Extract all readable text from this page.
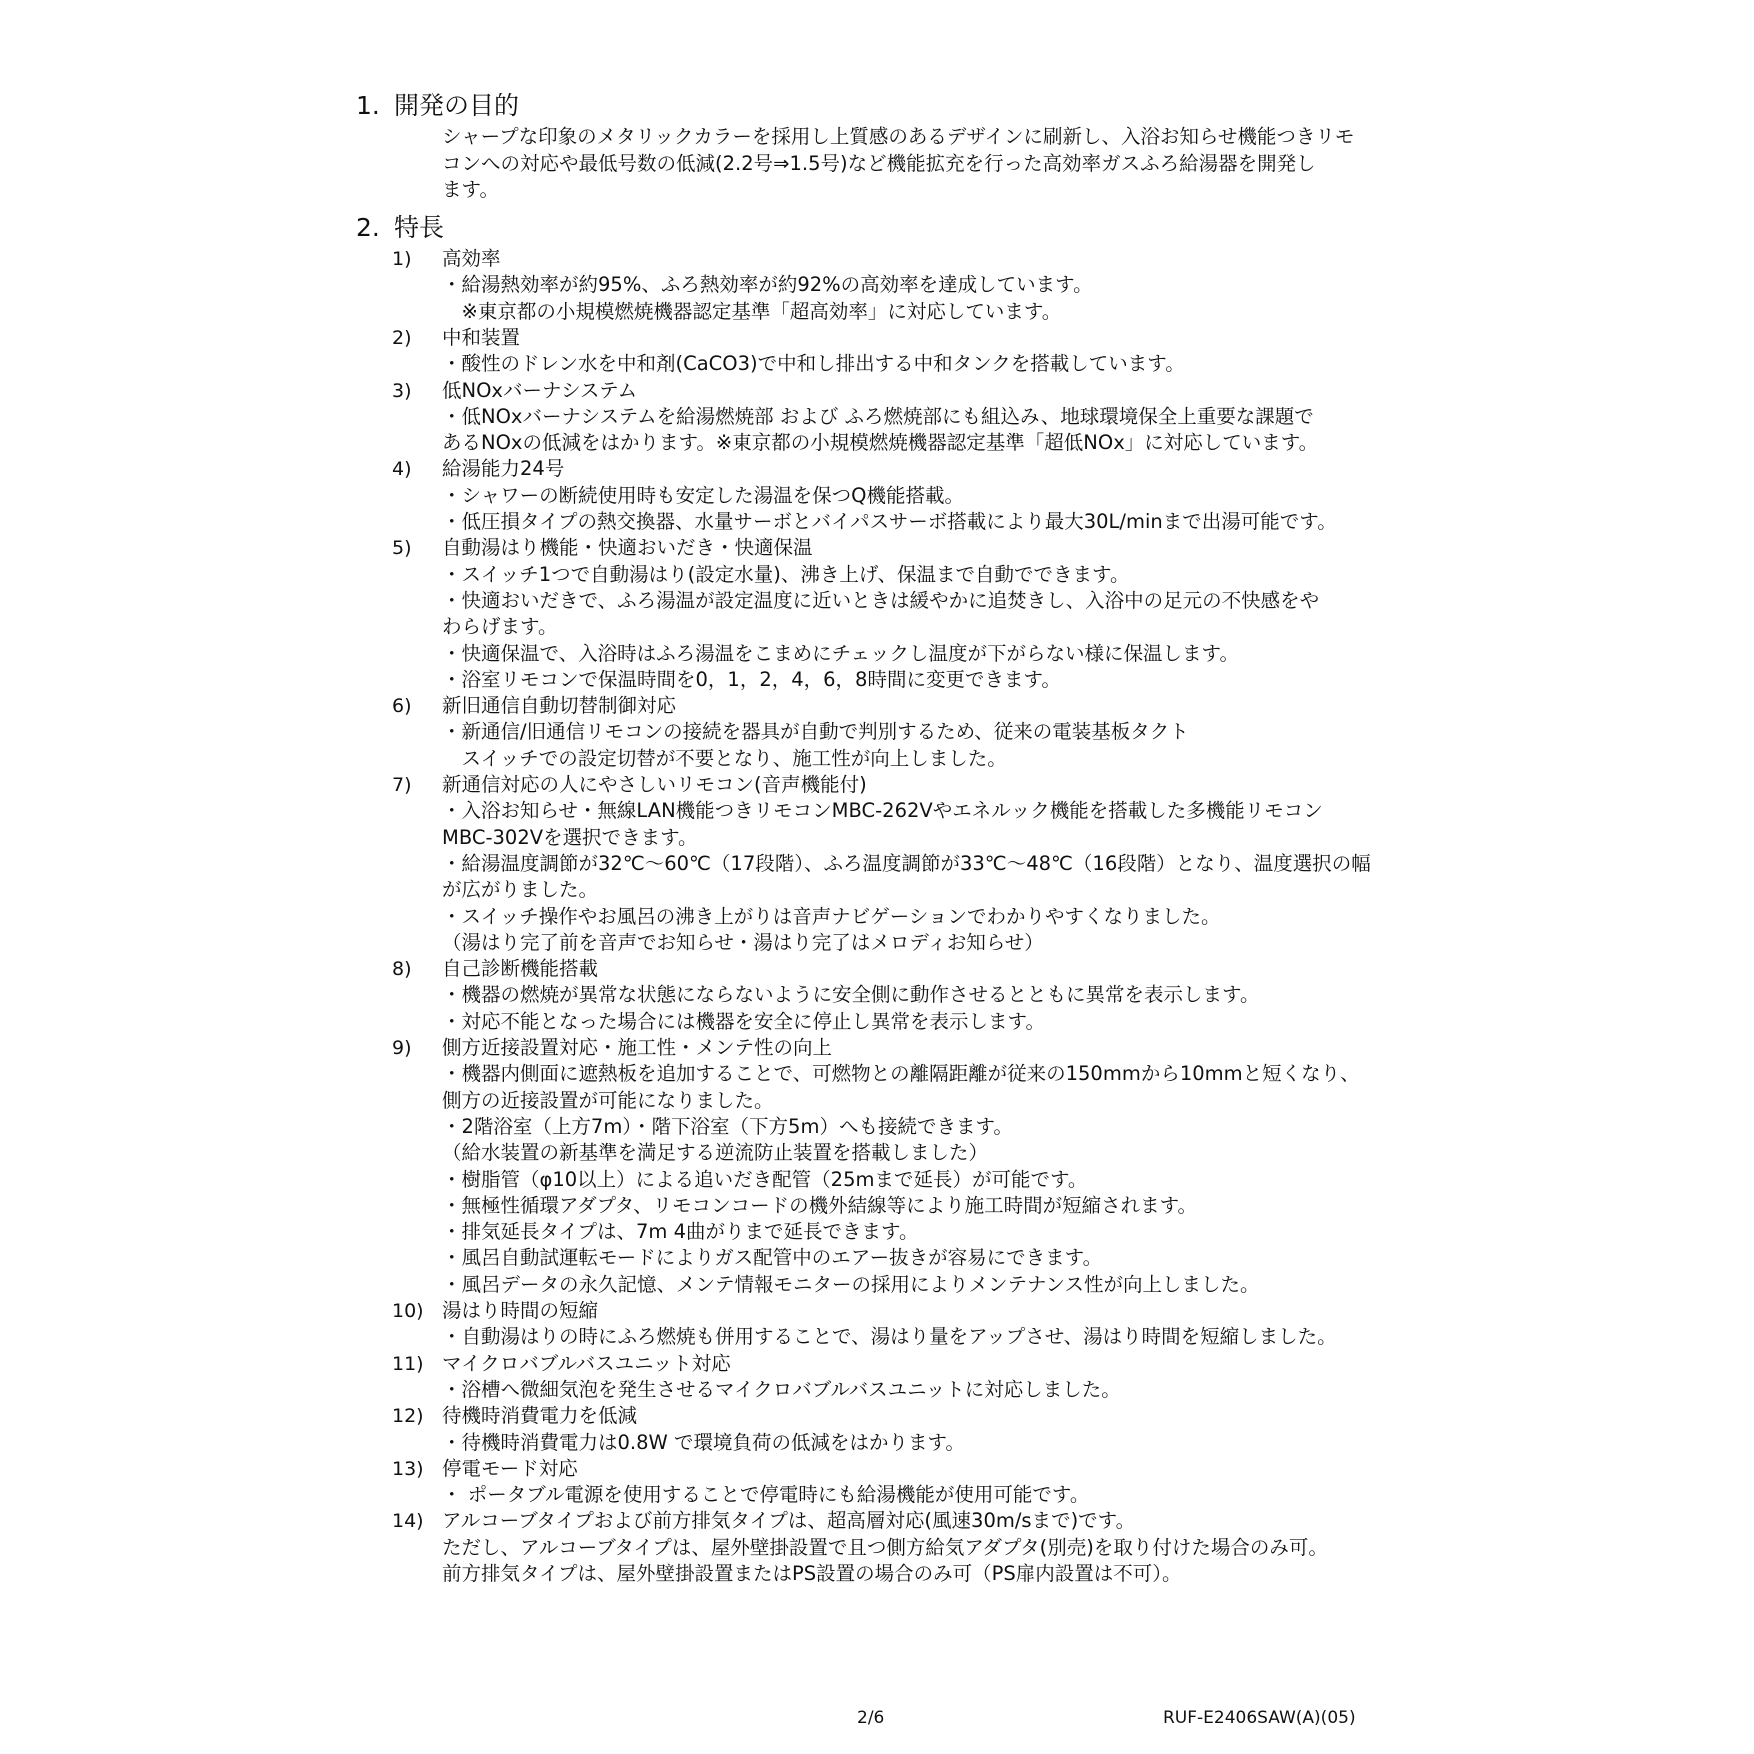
1. 開発の目的
シャープな印象のメタリックカラーを採用し上質感のあるデザインに刷新し、入浴お知らせ機能つきリモ
コンへの対応や最低号数の低減(2.2号⇒1.5号)など機能拡充を行った高効率ガスふろ給湯器を開発し
ます。
2. 特長
1)	高効率
・給湯熱効率が約95%、ふろ熱効率が約92%の高効率を達成しています。
　※東京都の小規模燃焼機器認定基準「超高効率」に対応しています。
2)	中和装置
・酸性のドレン水を中和剤(CaCO3)で中和し排出する中和タンクを搭載しています。
3)	低NOxバーナシステム
・低NOxバーナシステムを給湯燃焼部 および ふろ燃焼部にも組込み、地球環境保全上重要な課題で
あるNOxの低減をはかります。※東京都の小規模燃焼機器認定基準「超低NOx」に対応しています。
4)	給湯能力24号
・シャワーの断続使用時も安定した湯温を保つQ機能搭載。
・低圧損タイプの熱交換器、水量サーボとバイパスサーボ搭載により最大30L/minまで出湯可能です。
5)	自動湯はり機能・快適おいだき・快適保温
・スイッチ1つで自動湯はり(設定水量)、沸き上げ、保温まで自動でできます。
・快適おいだきで、ふろ湯温が設定温度に近いときは緩やかに追焚きし、入浴中の足元の不快感をや
わらげます。
・快適保温で、入浴時はふろ湯温をこまめにチェックし温度が下がらない様に保温します。
・浴室リモコンで保温時間を0，1，2，4，6，8時間に変更できます。
6)	新旧通信自動切替制御対応
・新通信/旧通信リモコンの接続を器具が自動で判別するため、従来の電装基板タクト
　スイッチでの設定切替が不要となり、施工性が向上しました。
7)	新通信対応の人にやさしいリモコン(音声機能付)
・入浴お知らせ・無線LAN機能つきリモコンMBC-262Vやエネルック機能を搭載した多機能リモコン
MBC-302Vを選択できます。
・給湯温度調節が32℃～60℃（17段階）、ふろ温度調節が33℃～48℃（16段階）となり、温度選択の幅
が広がりました。
・スイッチ操作やお風呂の沸き上がりは音声ナビゲーションでわかりやすくなりました。
（湯はり完了前を音声でお知らせ・湯はり完了はメロディお知らせ）
8)	自己診断機能搭載
・機器の燃焼が異常な状態にならないように安全側に動作させるとともに異常を表示します。
・対応不能となった場合には機器を安全に停止し異常を表示します。
9)	側方近接設置対応・施工性・メンテ性の向上
・機器内側面に遮熱板を追加することで、可燃物との離隔距離が従来の150mmから10mmと短くなり、
側方の近接設置が可能になりました。
・2階浴室（上方7m）・階下浴室（下方5m）へも接続できます。
（給水装置の新基準を満足する逆流防止装置を搭載しました）
・樹脂管（φ10以上）による追いだき配管（25mまで延長）が可能です。
・無極性循環アダプタ、リモコンコードの機外結線等により施工時間が短縮されます。
・排気延長タイプは、7m 4曲がりまで延長できます。
・風呂自動試運転モードによりガス配管中のエアー抜きが容易にできます。
・風呂データの永久記憶、メンテ情報モニターの採用によりメンテナンス性が向上しました。
10) 湯はり時間の短縮
・自動湯はりの時にふろ燃焼も併用することで、湯はり量をアップさせ、湯はり時間を短縮しました。
11) マイクロバブルバスユニット対応
・浴槽へ微細気泡を発生させるマイクロバブルバスユニットに対応しました。
12) 待機時消費電力を低減
・待機時消費電力は0.8W で環境負荷の低減をはかります。
13) 停電モード対応
・ ポータブル電源を使用することで停電時にも給湯機能が使用可能です。
14) アルコーブタイプおよび前方排気タイプは、超高層対応(風速30m/sまで)です。
ただし、アルコーブタイプは、屋外壁掛設置で且つ側方給気アダプタ(別売)を取り付けた場合のみ可。
前方排気タイプは、屋外壁掛設置またはPS設置の場合のみ可（PS扉内設置は不可）。
2/6	RUF-E2406SAW(A)(05)
